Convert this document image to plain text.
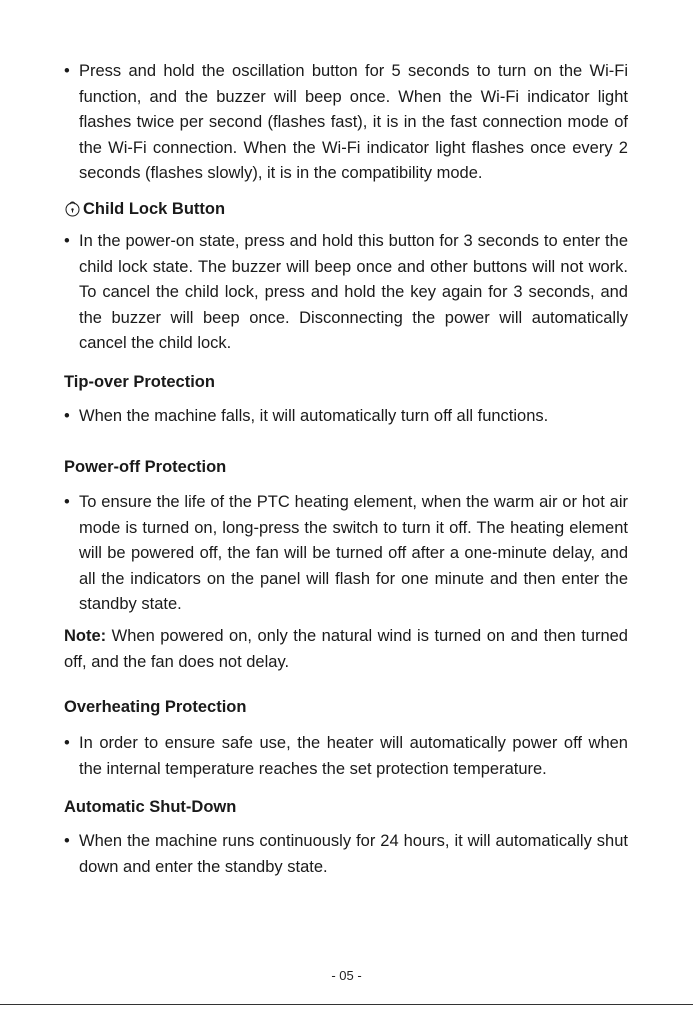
• Press and hold the oscillation button for 5 seconds to turn on the Wi-Fi function, and the buzzer will beep once. When the Wi-Fi indicator light flashes twice per second (flashes fast), it is in the fast connection mode of the Wi-Fi connection. When the Wi-Fi indicator light flashes once every 2 seconds (flashes slowly), it is in the compatibility mode.
Child Lock Button
• In the power-on state, press and hold this button for 3 seconds to enter the child lock state. The buzzer will beep once and other buttons will not work. To cancel the child lock, press and hold the key again for 3 seconds, and the buzzer will beep once. Disconnecting the power will automatically cancel the child lock.
Tip-over Protection
• When the machine falls, it will automatically turn off all functions.
Power-off Protection
• To ensure the life of the PTC heating element, when the warm air or hot air mode is turned on, long-press the switch to turn it off. The heating element will be powered off, the fan will be turned off after a one-minute delay, and all the indicators on the panel will flash for one minute and then enter the standby state.
Note: When powered on, only the natural wind is turned on and then turned off, and the fan does not delay.
Overheating Protection
• In order to ensure safe use, the heater will automatically power off when the internal temperature reaches the set protection temperature.
Automatic Shut-Down
• When the machine runs continuously for 24 hours, it will automatically shut down and enter the standby state.
- 05 -
